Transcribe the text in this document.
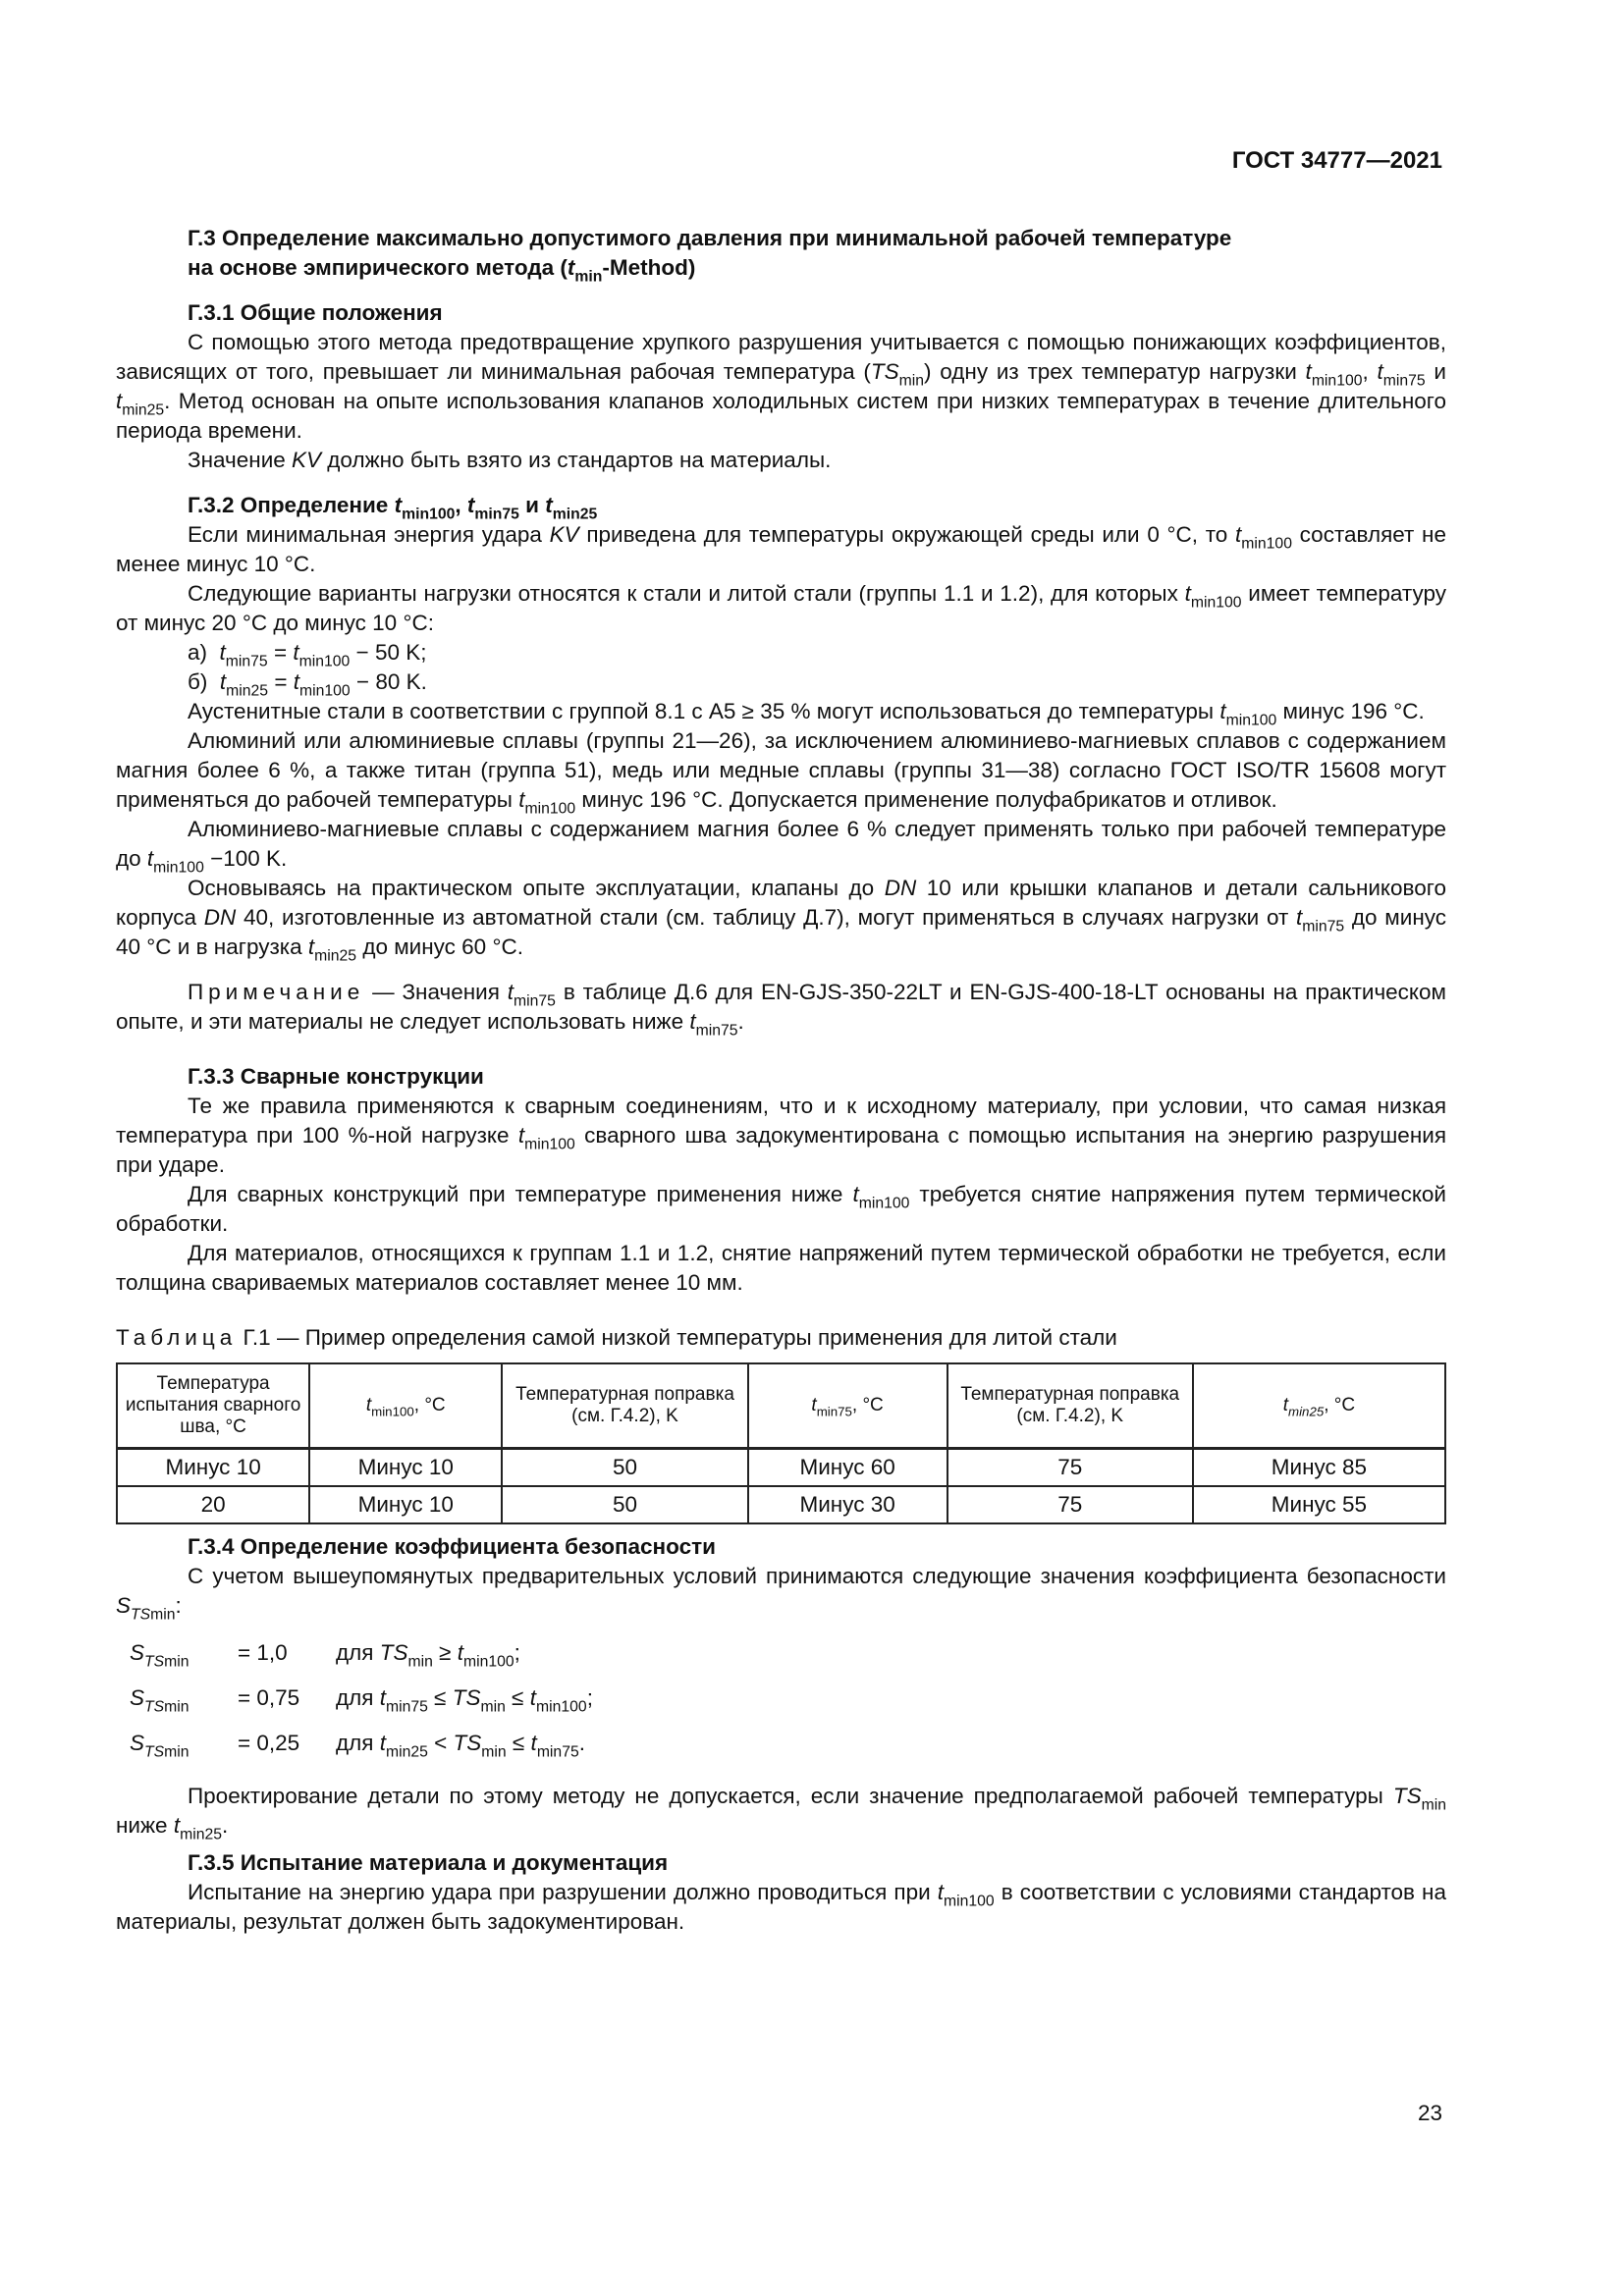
ГОСТ 34777—2021

Г.3 Определение максимально допустимого давления при минимальной рабочей температуре
на основе эмпирического метода $(t_{min}-Method)$

Г.3.1 Общие положения

С помощью этого метода предотвращение хрупкого разрушения учитывается с помощью понижающих коэффициентов, зависящих от того, превышает ли минимальная рабочая температура $(TS_{min})$ одну из трех температур нагрузки $t_{min100}$, $t_{min75}$ и $t_{min25}$. Метод основан на опыте использования клапанов холодильных систем при низких температурах в течение длительного периода времени.

Значение KV должно быть взято из стандартов на материалы.

Г.3.2 Определение $t_{min100}$, $t_{min75}$ и $t_{min25}$

Если минимальная энергия удара KV приведена для температуры окружающей среды или 0 °C, то $t_{min100}$ составляет не менее минус 10 °C.

Следующие варианты нагрузки относятся к стали и литой стали (группы 1.1 и 1.2), для которых $t_{min100}$ имеет температуру от минус 20 °C до минус 10 °C:

а) $t_{min75} = t_{min100} - 50$ K;

б) $t_{min25} = t_{min100} - 80$ K.

Аустенитные стали в соответствии с группой 8.1 с А5 ≥ 35 % могут использоваться до температуры $t_{min100}$ минус 196 °C.

Алюминий или алюминиевые сплавы (группы 21—26), за исключением алюминиево-магниевых сплавов с содержанием магния более 6 %, а также титан (группа 51), медь или медные сплавы (группы 31—38) согласно ГОСТ ISO/TR 15608 могут применяться до рабочей температуры $t_{min100}$ минус 196 °C. Допускается применение полуфабрикатов и отливок.

Алюминиево-магниевые сплавы с содержанием магния более 6 % следует применять только при рабочей температуре до $t_{min100} -100$ K.

Основываясь на практическом опыте эксплуатации, клапаны до DN 10 или крышки клапанов и детали сальникового корпуса DN 40, изготовленные из автоматной стали (см. таблицу Д.7), могут применяться в случаях нагрузки от $t_{min75}$ до минус 40 °C и в нагрузка $t_{min25}$ до минус 60 °C.

Примечание — Значения $t_{min75}$ в таблице Д.6 для EN-GJS-350-22LT и EN-GJS-400-18-LT основаны на практическом опыте, и эти материалы не следует использовать ниже $t_{min75}$.

Г.3.3 Сварные конструкции

Те же правила применяются к сварным соединениям, что и к исходному материалу, при условии, что самая низкая температура при 100 %-ной нагрузке $t_{min100}$ сварного шва задокументирована с помощью испытания на энергию разрушения при ударе.

Для сварных конструкций при температуре применения ниже $t_{min100}$ требуется снятие напряжения путем термической обработки.

Для материалов, относящихся к группам 1.1 и 1.2, снятие напряжений путем термической обработки не требуется, если толщина свариваемых материалов составляет менее 10 мм.

Таблица Г.1 — Пример определения самой низкой температуры применения для литой стали

Температура испытания сварного шва, °C	$t_{min100}$, °C	Температурная поправка (см. Г.4.2), K	$t_{min75}$, °C	Температурная поправка (см. Г.4.2), K	$t_{min25}$, °C
Минус 10	Минус 10	50	Минус 60	75	Минус 85
20	Минус 10	50	Минус 30	75	Минус 55

Г.3.4 Определение коэффициента безопасности

С учетом вышеупомянутых предварительных условий принимаются следующие значения коэффициента безопасности $S_{TSmin}$:

$S_{TSmin}$	= 1,0	для $TS_{min} \ge t_{min100}$;
$S_{TSmin}$	= 0,75	для $t_{min75} \le TS_{min} \le t_{min100}$;
$S_{TSmin}$	= 0,25	для $t_{min25} < TS_{min} \le t_{min75}$.

Проектирование детали по этому методу не допускается, если значение предполагаемой рабочей температуры $TS_{min}$ ниже $t_{min25}$.

Г.3.5 Испытание материала и документация

Испытание на энергию удара при разрушении должно проводиться при $t_{min100}$ в соответствии с условиями стандартов на материалы, результат должен быть задокументирован.

23
